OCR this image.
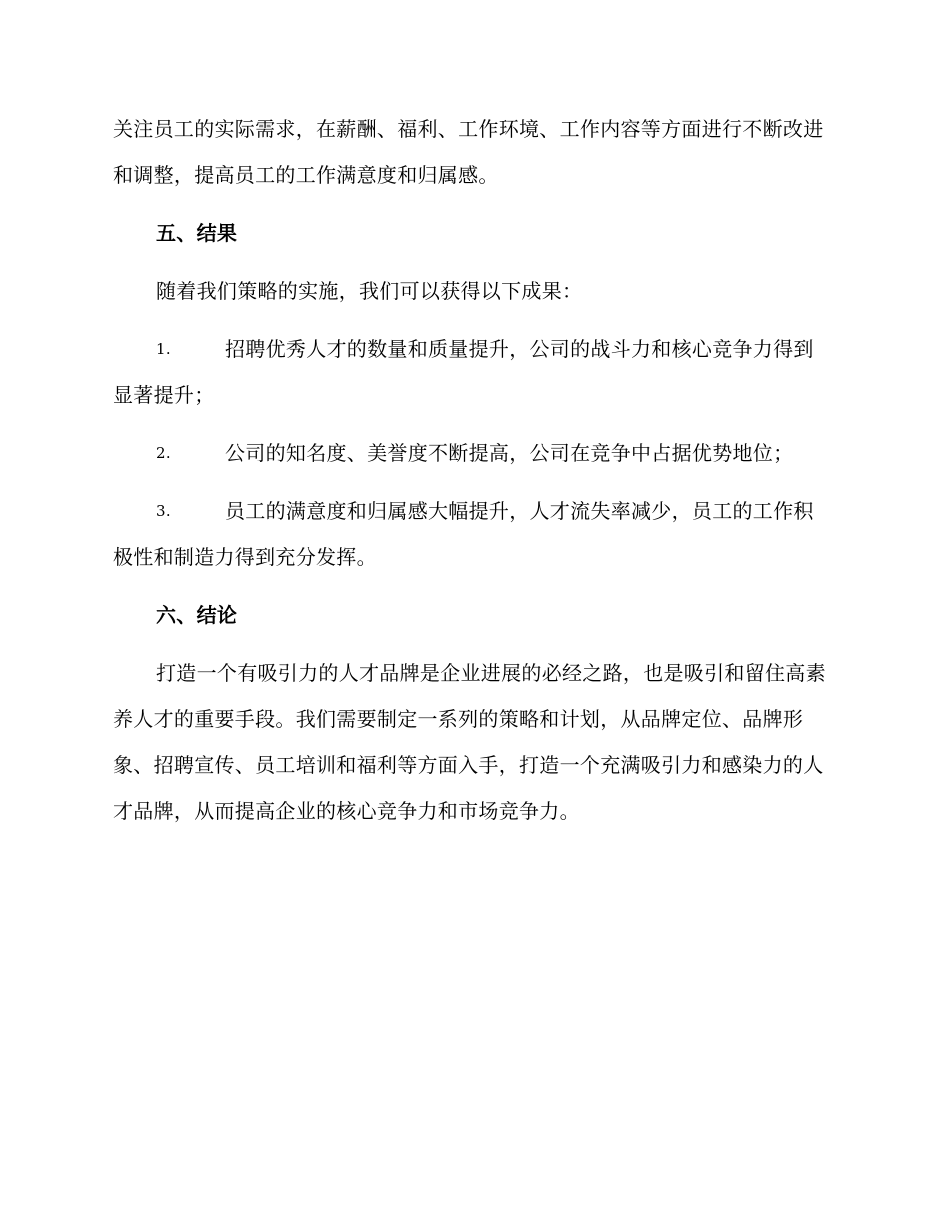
关注员工的实际需求，在薪酬、福利、工作环境、工作内容等方面进行不断改进和调整，提高员工的工作满意度和归属感。

五、结果

随着我们策略的实施，我们可以获得以下成果：

1.	招聘优秀人才的数量和质量提升，公司的战斗力和核心竞争力得到显著提升；
2.	公司的知名度、美誉度不断提高，公司在竞争中占据优势地位；
3.	员工的满意度和归属感大幅提升，人才流失率减少，员工的工作积极性和制造力得到充分发挥。
六、结论

打造一个有吸引力的人才品牌是企业进展的必经之路，也是吸引和留住高素养人才的重要手段。我们需要制定一系列的策略和计划，从品牌定位、品牌形象、招聘宣传、员工培训和福利等方面入手，打造一个充满吸引力和感染力的人才品牌，从而提高企业的核心竞争力和市场竞争力。
